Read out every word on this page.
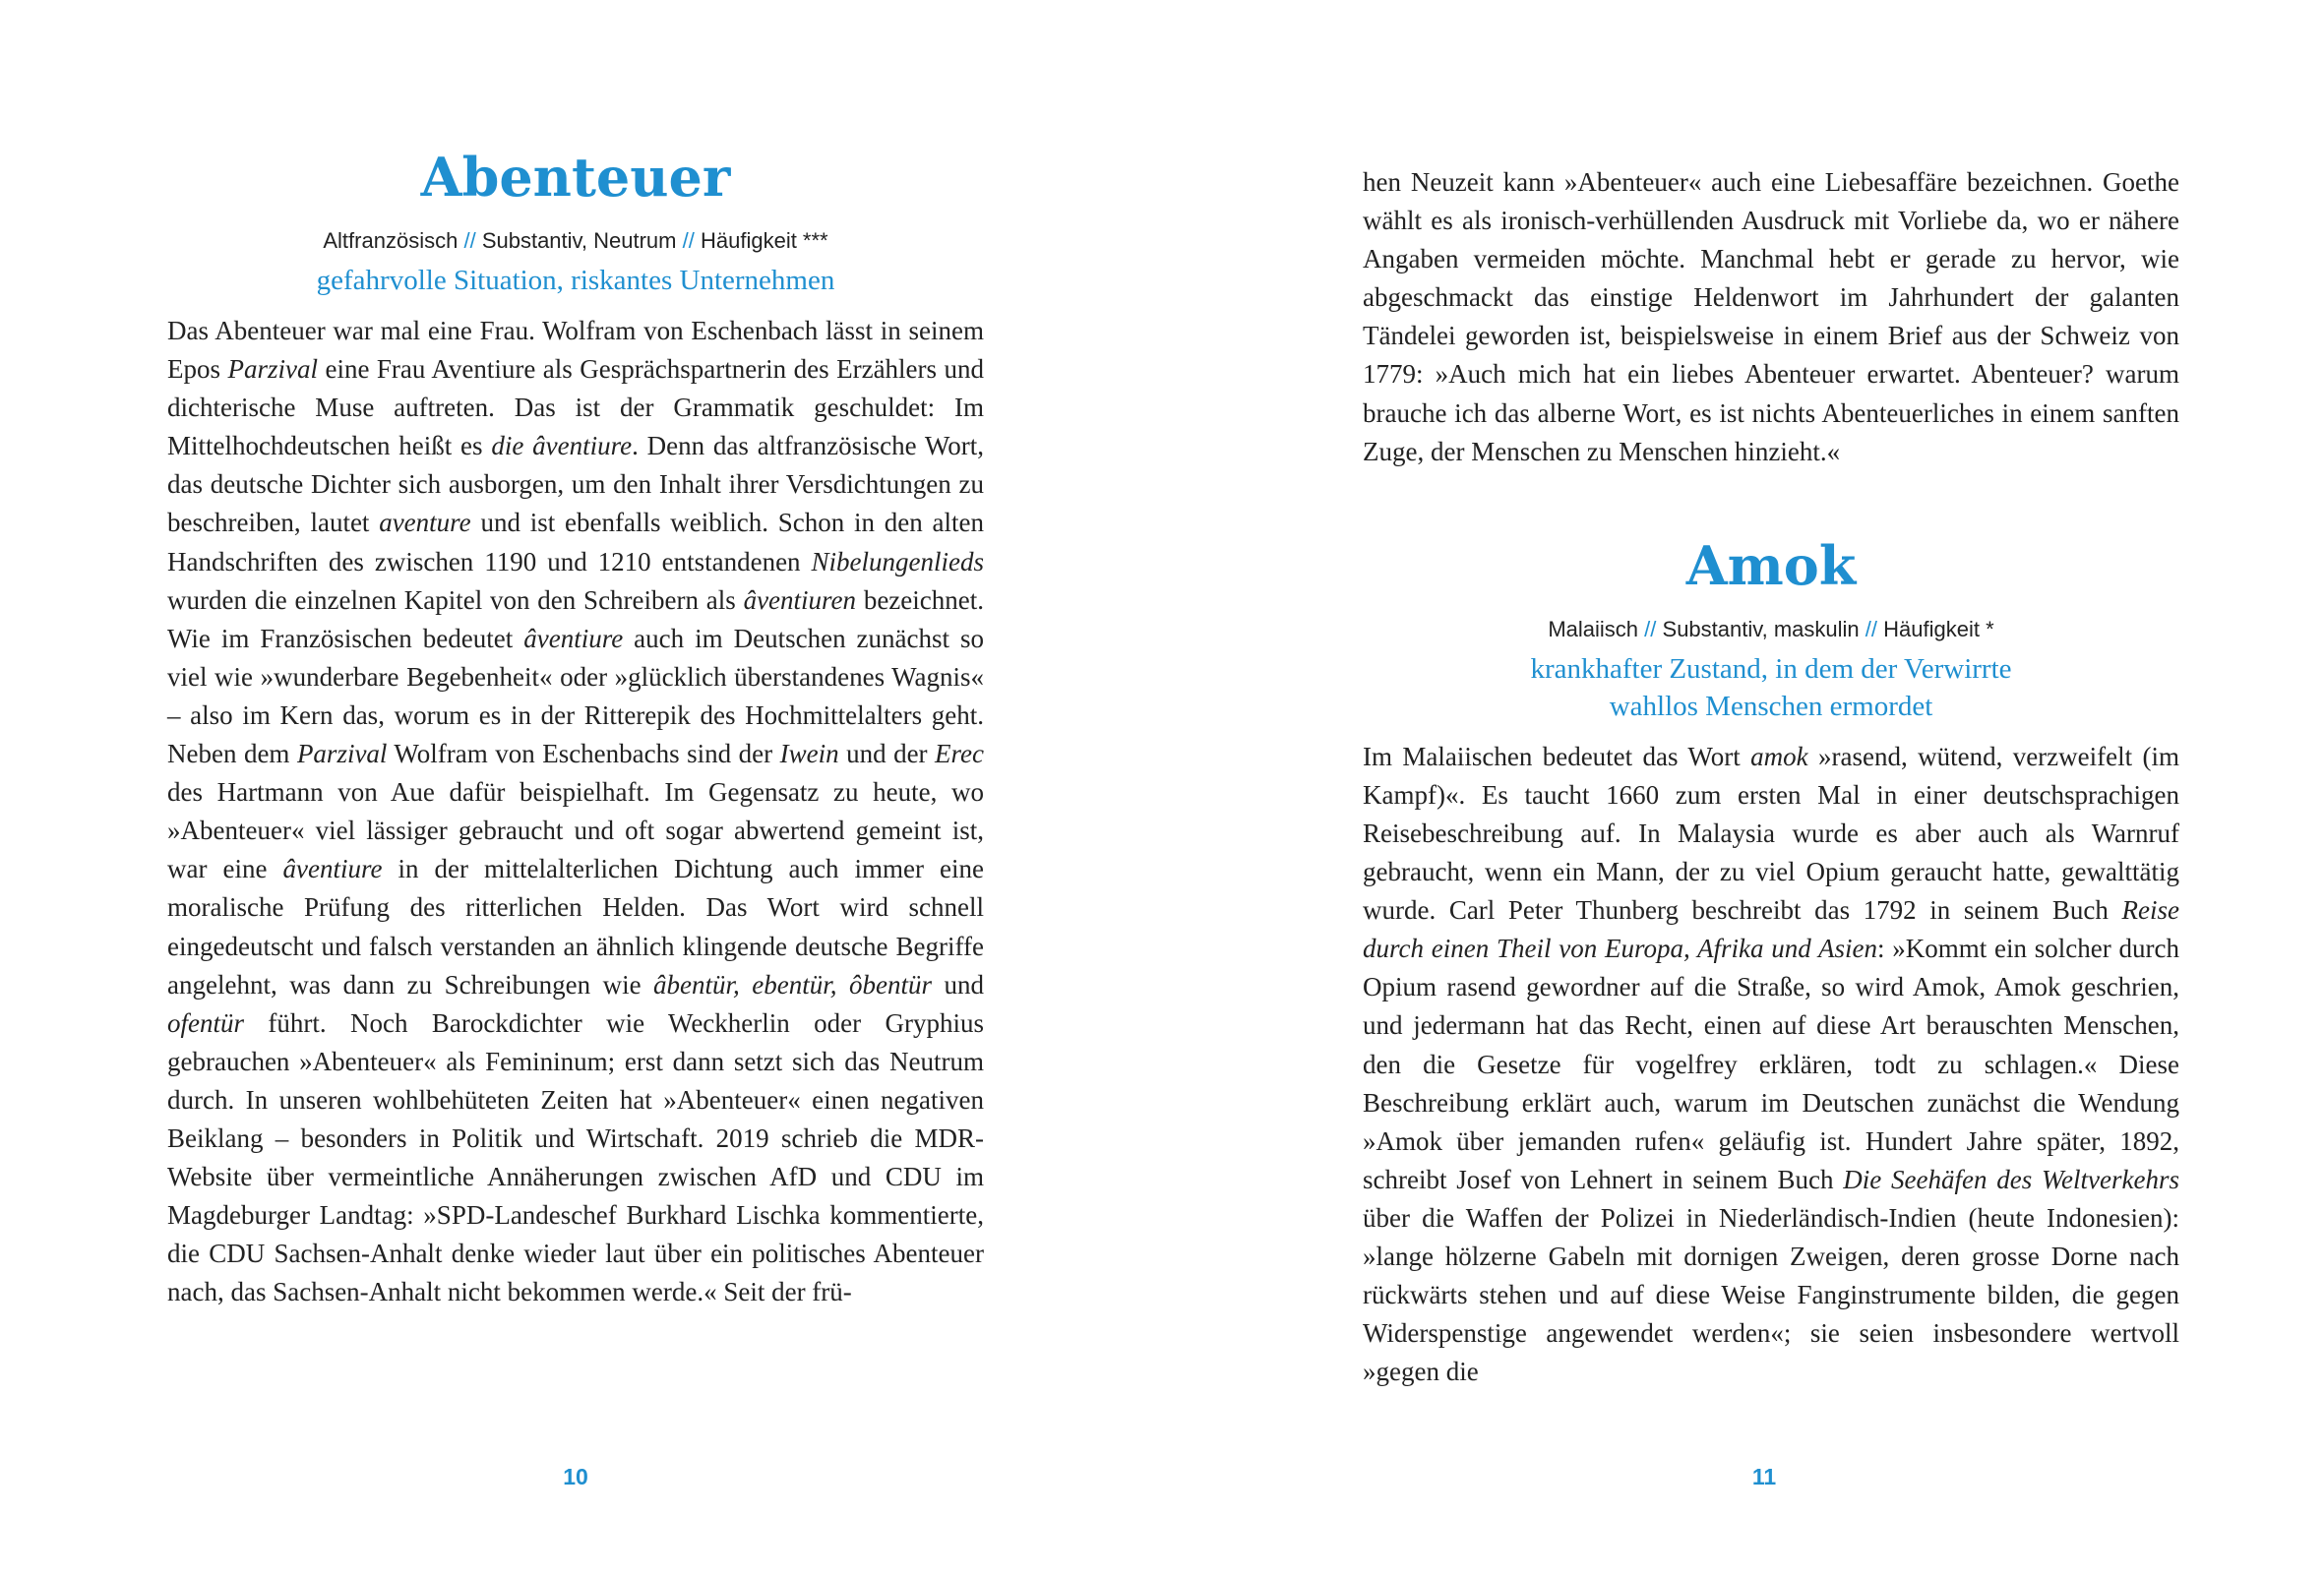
Abenteuer
Altfranzösisch // Substantiv, Neutrum // Häufigkeit ***
gefahrvolle Situation, riskantes Unternehmen
Das Abenteuer war mal eine Frau. Wolfram von Eschenbach lässt in seinem Epos Parzival eine Frau Aventiure als Gesprächspartnerin des Erzählers und dichterische Muse auftreten. Das ist der Grammatik geschuldet: Im Mittelhochdeutschen heißt es die âventiure. Denn das altfranzösische Wort, das deutsche Dichter sich ausborgen, um den Inhalt ihrer Versdichtungen zu beschreiben, lautet aventure und ist ebenfalls weiblich. Schon in den alten Handschriften des zwischen 1190 und 1210 entstandenen Nibelungenlieds wurden die einzelnen Kapitel von den Schreibern als âventiuren bezeichnet. Wie im Französischen bedeutet âventiure auch im Deutschen zunächst so viel wie »wunderbare Begebenheit« oder »glücklich überstandenes Wagnis« – also im Kern das, worum es in der Ritterepik des Hochmittelalters geht. Neben dem Parzival Wolfram von Eschenbachs sind der Iwein und der Erec des Hartmann von Aue dafür beispielhaft. Im Gegensatz zu heute, wo »Abenteuer« viel lässiger gebraucht und oft sogar abwertend gemeint ist, war eine âventiure in der mittelalterlichen Dichtung auch immer eine moralische Prüfung des ritterlichen Helden. Das Wort wird schnell eingedeutscht und falsch verstanden an ähnlich klingende deutsche Begriffe angelehnt, was dann zu Schreibungen wie âbentür, ebentür, ôbentür und ofentür führt. Noch Barockdichter wie Weckherlin oder Gryphius gebrauchen »Abenteuer« als Femininum; erst dann setzt sich das Neutrum durch. In unseren wohlbehüteten Zeiten hat »Abenteuer« einen negativen Beiklang – besonders in Politik und Wirtschaft. 2019 schrieb die MDR-Website über vermeintliche Annäherungen zwischen AfD und CDU im Magdeburger Landtag: »SPD-Landeschef Burkhard Lischka kommentierte, die CDU Sachsen-Anhalt denke wieder laut über ein politisches Abenteuer nach, das Sachsen-Anhalt nicht bekommen werde.« Seit der frü-
hen Neuzeit kann »Abenteuer« auch eine Liebesaffäre bezeichnen. Goethe wählt es als ironisch-verhüllenden Ausdruck mit Vorliebe da, wo er nähere Angaben vermeiden möchte. Manchmal hebt er gerade zu hervor, wie abgeschmackt das einstige Heldenwort im Jahrhundert der galanten Tändelei geworden ist, beispielsweise in einem Brief aus der Schweiz von 1779: »Auch mich hat ein liebes Abenteuer erwartet. Abenteuer? warum brauche ich das alberne Wort, es ist nichts Abenteuerliches in einem sanften Zuge, der Menschen zu Menschen hinzieht.«
Amok
Malaiisch // Substantiv, maskulin // Häufigkeit *
krankhafter Zustand, in dem der Verwirrte
wahllos Menschen ermordet
Im Malaiischen bedeutet das Wort amok »rasend, wütend, verzweifelt (im Kampf)«. Es taucht 1660 zum ersten Mal in einer deutschsprachigen Reisebeschreibung auf. In Malaysia wurde es aber auch als Warnruf gebraucht, wenn ein Mann, der zu viel Opium geraucht hatte, gewalttätig wurde. Carl Peter Thunberg beschreibt das 1792 in seinem Buch Reise durch einen Theil von Europa, Afrika und Asien: »Kommt ein solcher durch Opium rasend gewordner auf die Straße, so wird Amok, Amok geschrien, und jedermann hat das Recht, einen auf diese Art berauschten Menschen, den die Gesetze für vogelfrey erklären, todt zu schlagen.« Diese Beschreibung erklärt auch, warum im Deutschen zunächst die Wendung »Amok über jemanden rufen« geläufig ist. Hundert Jahre später, 1892, schreibt Josef von Lehnert in seinem Buch Die Seehäfen des Weltverkehrs über die Waffen der Polizei in Niederländisch-Indien (heute Indonesien): »lange hölzerne Gabeln mit dornigen Zweigen, deren grosse Dorne nach rückwärts stehen und auf diese Weise Fanginstrumente bilden, die gegen Widerspenstige angewendet werden«; sie seien insbesondere wertvoll »gegen die
10	11
